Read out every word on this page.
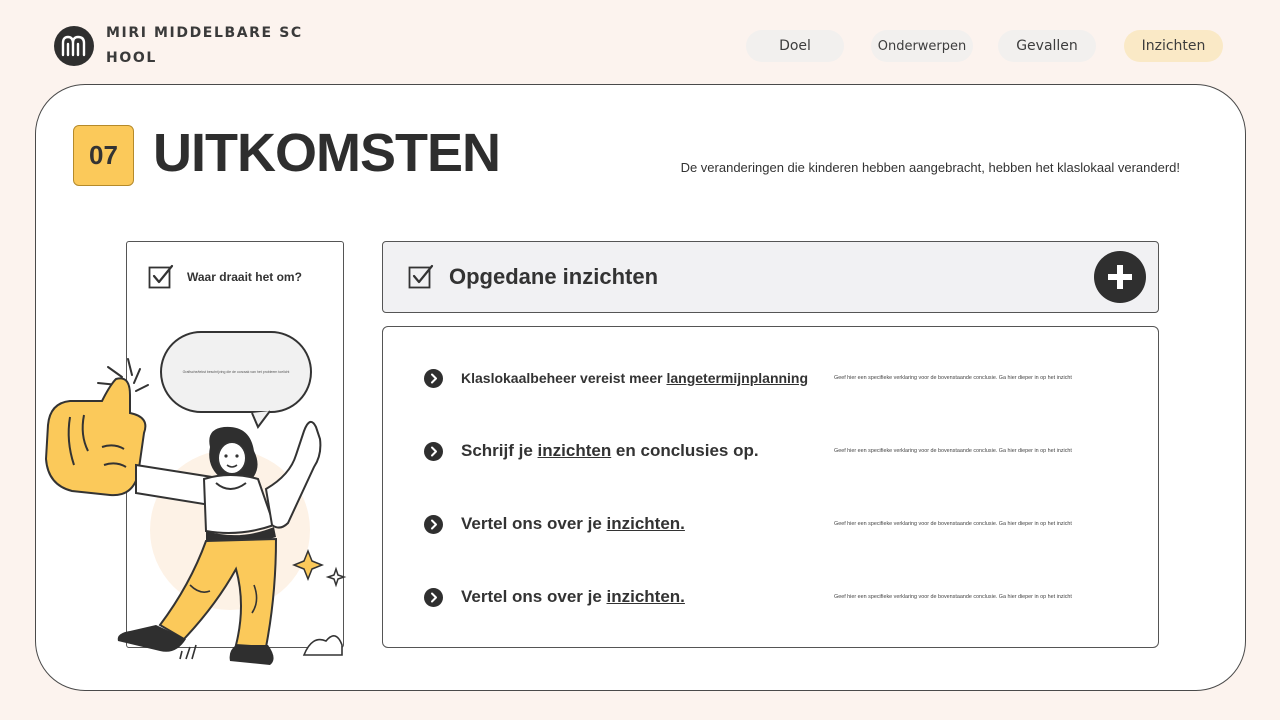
MIRI MIDDELBARE SCHOOL
Doel	Onderwerpen	Gevallen	Inzichten
07 UITKOMSTEN	De veranderingen die kinderen hebben aangebracht, hebben het klaslokaal veranderd!
Waar draait het om?
Grafische/tekst beschrijving die de oorzaak van het probleem toelicht
Opgedane inzichten
Klaslokaalbeheer vereist meer langetermijnplanning	Geef hier een specifieke verklaring voor de bovenstaande conclusie. Ga hier dieper in op het inzicht
Schrijf je inzichten en conclusies op.	Geef hier een specifieke verklaring voor de bovenstaande conclusie. Ga hier dieper in op het inzicht
Vertel ons over je inzichten.	Geef hier een specifieke verklaring voor de bovenstaande conclusie. Ga hier dieper in op het inzicht
Vertel ons over je inzichten.	Geef hier een specifieke verklaring voor de bovenstaande conclusie. Ga hier dieper in op het inzicht
